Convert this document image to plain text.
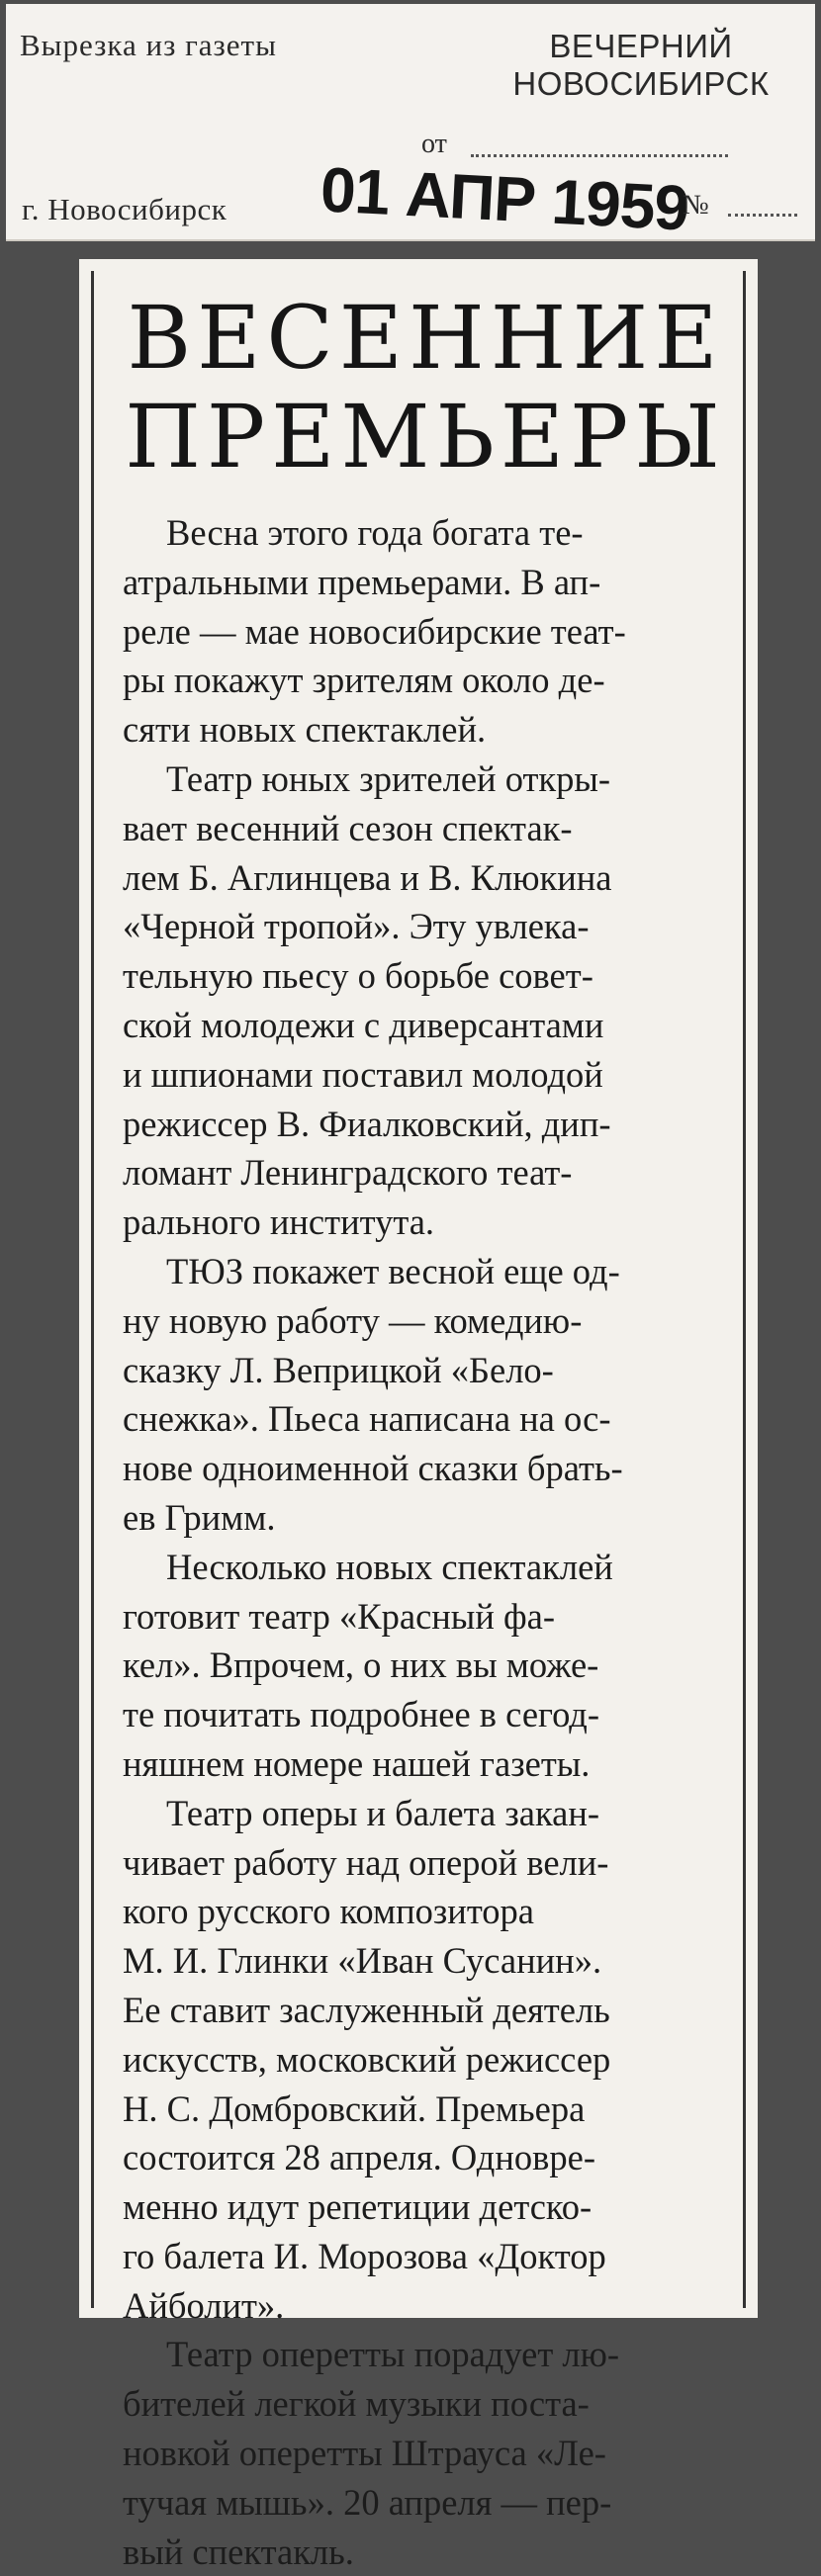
Вырезка из газеты	ВЕЧЕРНИЙ
НОВОСИБИРСК
от
г. Новосибирск 01 АПР 1959
№
ВЕСЕННИЕ
ПРЕМЬЕРЫ
Весна этого года богата те-
атральными премьерами. В ап-
реле — мае новосибирские теат-
ры покажут зрителям около де-
сяти новых спектаклей.
Театр юных зрителей откры-
вает весенний сезон спектак-
лем Б. Аглинцева и В. Клюкина
«Черной тропой». Эту увлека-
тельную пьесу о борьбе совет-
ской молодежи с диверсантами
и шпионами поставил молодой
режиссер В. Фиалковский, дип-
ломант Ленинградского теат-
рального института.
ТЮЗ покажет весной еще од-
ну новую работу — комедию-
сказку Л. Веприцкой «Бело-
снежка». Пьеса написана на ос-
нове одноименной сказки брать-
ев Гримм.
Несколько новых спектаклей
готовит театр «Красный фа-
кел». Впрочем, о них вы може-
те почитать подробнее в сегод-
няшнем номере нашей газеты.
Театр оперы и балета закан-
чивает работу над оперой вели-
кого русского композитора
М. И. Глинки «Иван Сусанин».
Ее ставит заслуженный деятель
искусств, московский режиссер
Н. С. Домбровский. Премьера
состоится 28 апреля. Одновре-
менно идут репетиции детско-
го балета И. Морозова «Доктор
Айболит».
Театр оперетты порадует лю-
бителей легкой музыки поста-
новкой оперетты Штрауса «Ле-
тучая мышь». 20 апреля — пер-
вый спектакль.
